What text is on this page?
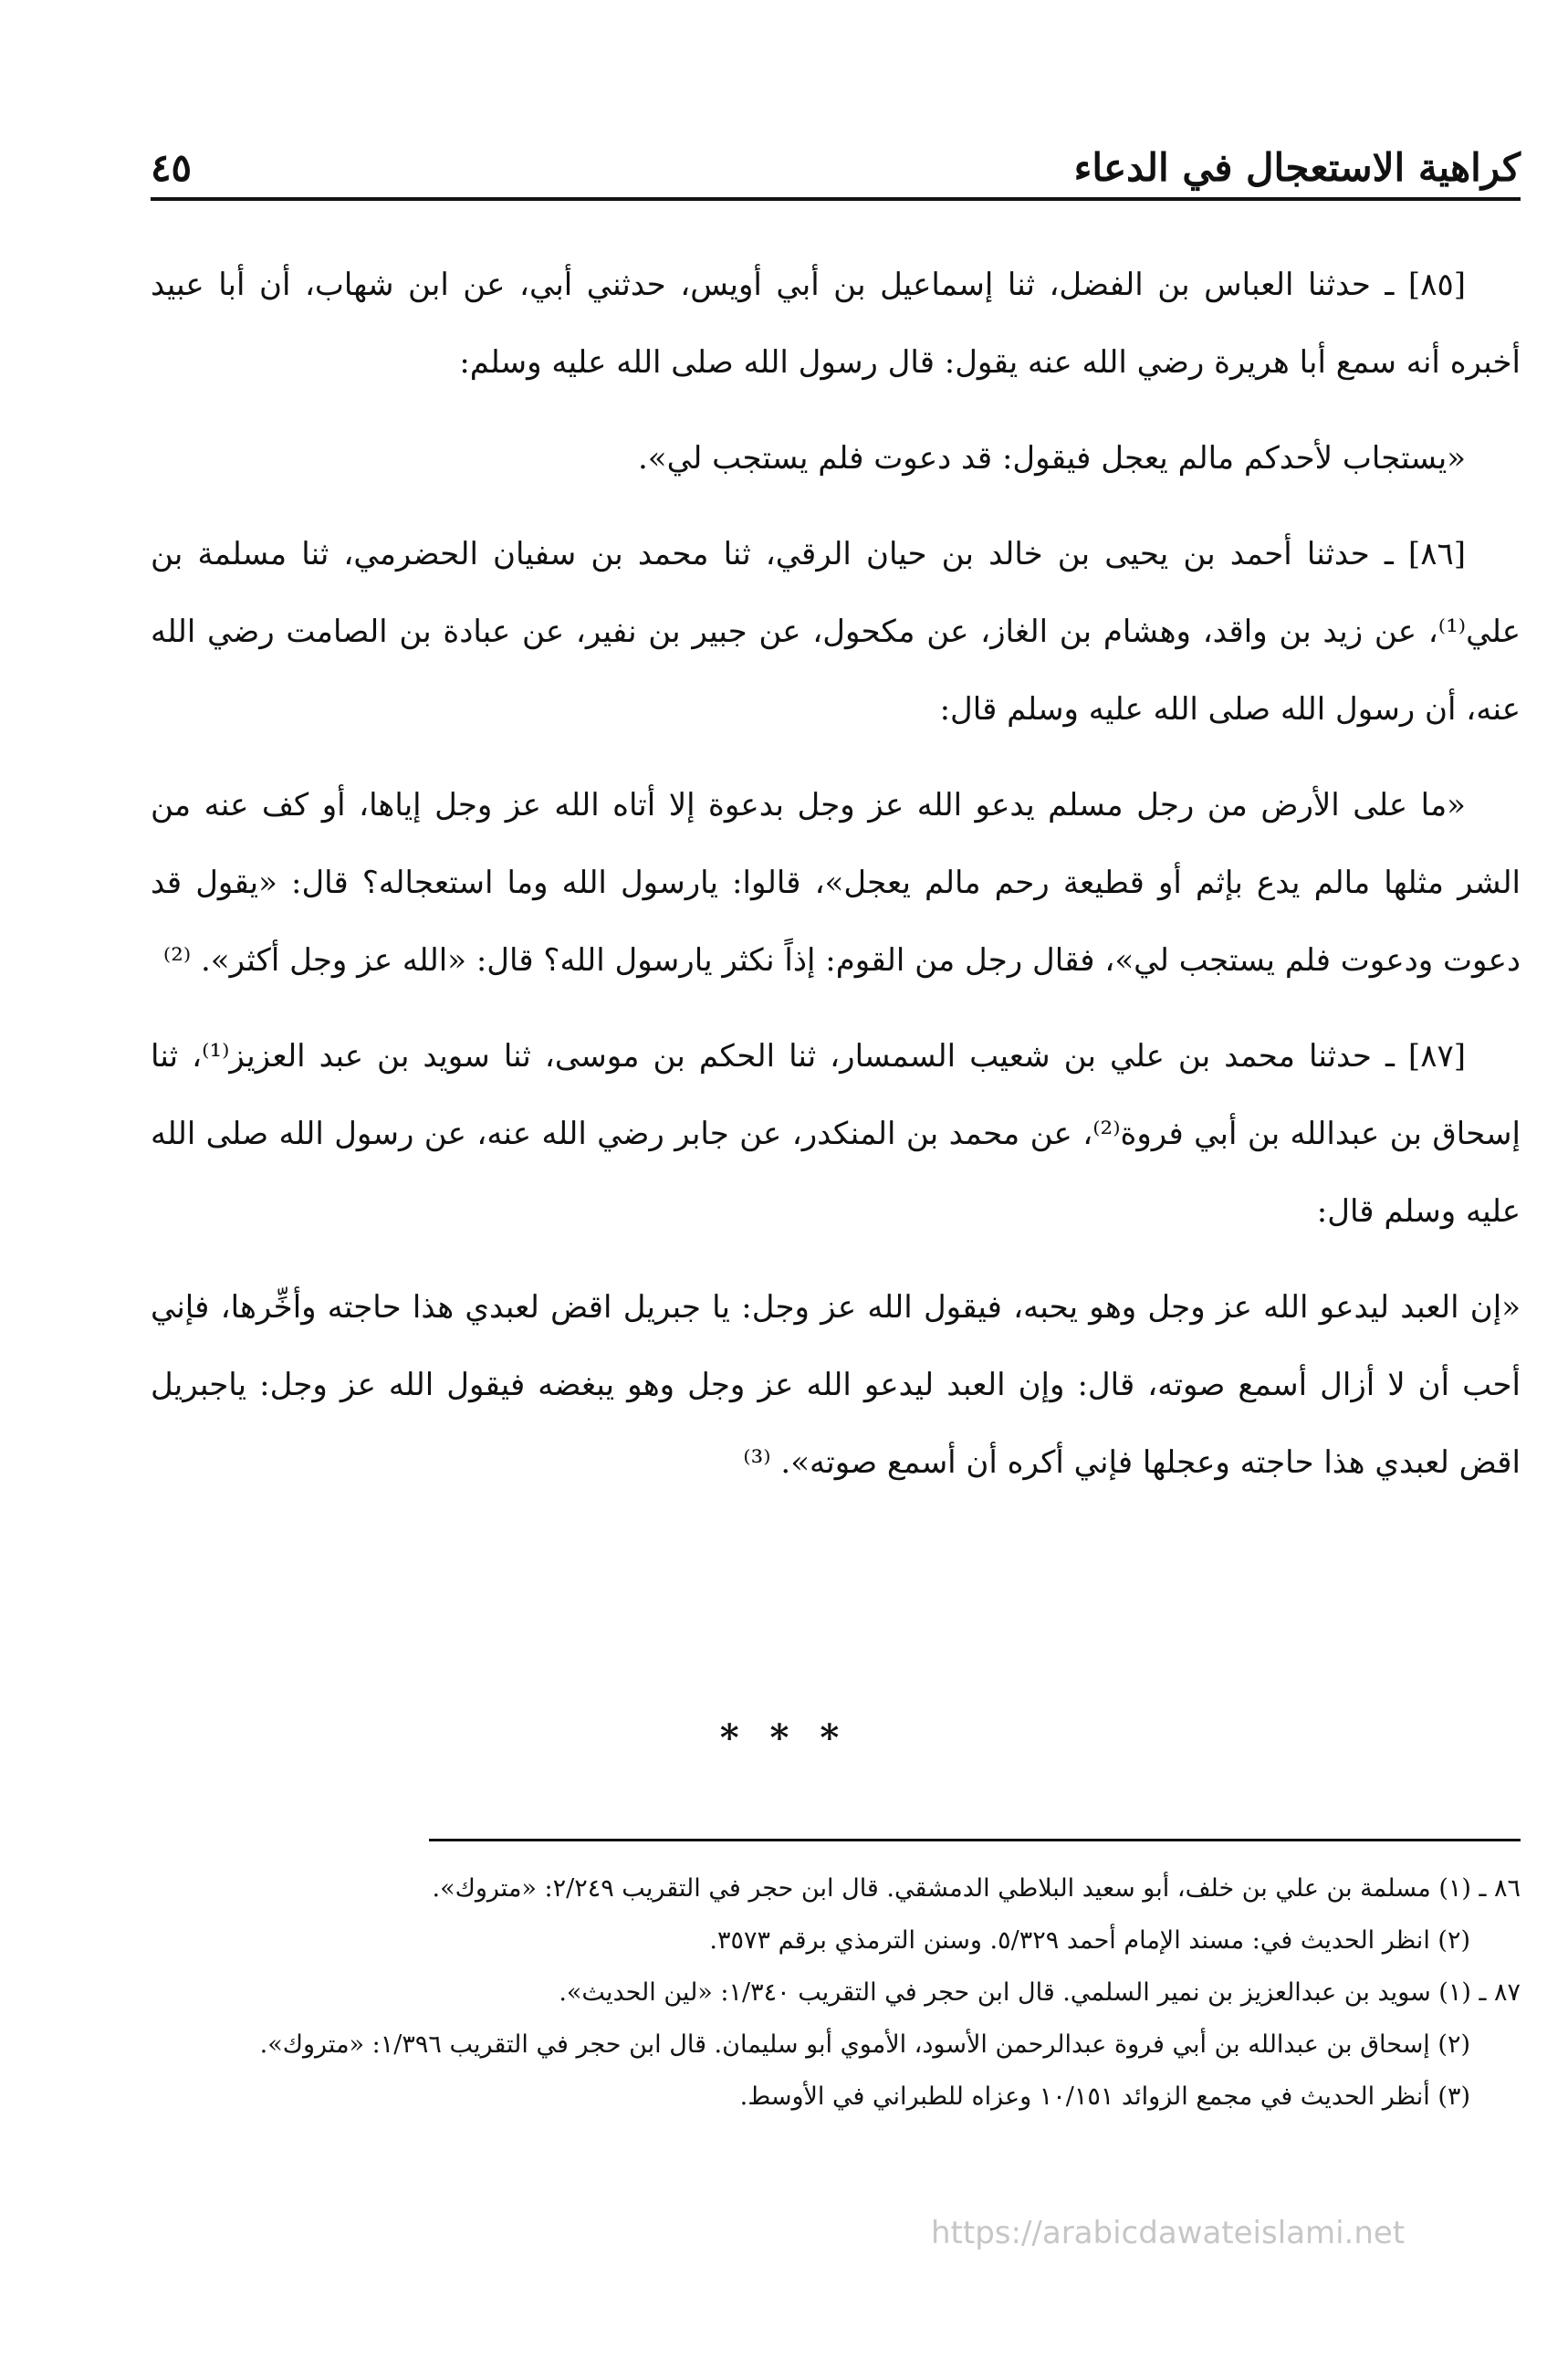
كراهية الاستعجال في الدعاء
٤٥

[٨٥] ـ حدثنا العباس بن الفضل، ثنا إسماعيل بن أبي أويس، حدثني أبي، عن ابن شهاب، أن أبا عبيد أخبره أنه سمع أبا هريرة رضي الله عنه يقول: قال رسول الله صلى الله عليه وسلم:

«يستجاب لأحدكم مالم يعجل فيقول: قد دعوت فلم يستجب لي».

[٨٦] ـ حدثنا أحمد بن يحيى بن خالد بن حيان الرقي، ثنا محمد بن سفيان الحضرمي، ثنا مسلمة بن علي⁽¹⁾، عن زيد بن واقد، وهشام بن الغاز، عن مكحول، عن جبير بن نفير، عن عبادة بن الصامت رضي الله عنه، أن رسول الله صلى الله عليه وسلم قال:

«ما على الأرض من رجل مسلم يدعو الله عز وجل بدعوة إلا أتاه الله عز وجل إياها، أو كف عنه من الشر مثلها مالم يدع بإثم أو قطيعة رحم مالم يعجل»، قالوا: يارسول الله وما استعجاله؟ قال: «يقول قد دعوت ودعوت فلم يستجب لي»، فقال رجل من القوم: إذاً نكثر يارسول الله؟ قال: «الله عز وجل أكثر». ⁽²⁾

[٨٧] ـ حدثنا محمد بن علي بن شعيب السمسار، ثنا الحكم بن موسى، ثنا سويد بن عبد العزيز⁽¹⁾، ثنا إسحاق بن عبدالله بن أبي فروة⁽²⁾، عن محمد بن المنكدر، عن جابر رضي الله عنه، عن رسول الله صلى الله عليه وسلم قال:

«إن العبد ليدعو الله عز وجل وهو يحبه، فيقول الله عز وجل: يا جبريل اقض لعبدي هذا حاجته وأخِّرها، فإني أحب أن لا أزال أسمع صوته، قال: وإن العبد ليدعو الله عز وجل وهو يبغضه فيقول الله عز وجل: ياجبريل اقض لعبدي هذا حاجته وعجلها فإني أكره أن أسمع صوته». ⁽³⁾

* * *

٨٦ ـ (١) مسلمة بن علي بن خلف، أبو سعيد البلاطي الدمشقي. قال ابن حجر في التقريب ٢/٢٤٩: «متروك».

(٢) انظر الحديث في: مسند الإمام أحمد ٥/٣٢٩. وسنن الترمذي برقم ٣٥٧٣.

٨٧ ـ (١) سويد بن عبدالعزيز بن نمير السلمي. قال ابن حجر في التقريب ١/٣٤٠: «لين الحديث».

(٢) إسحاق بن عبدالله بن أبي فروة عبدالرحمن الأسود، الأموي أبو سليمان. قال ابن حجر في التقريب ١/٣٩٦: «متروك».

(٣) أنظر الحديث في مجمع الزوائد ١٠/١٥١ وعزاه للطبراني في الأوسط.

https://arabicdawateislami.net
